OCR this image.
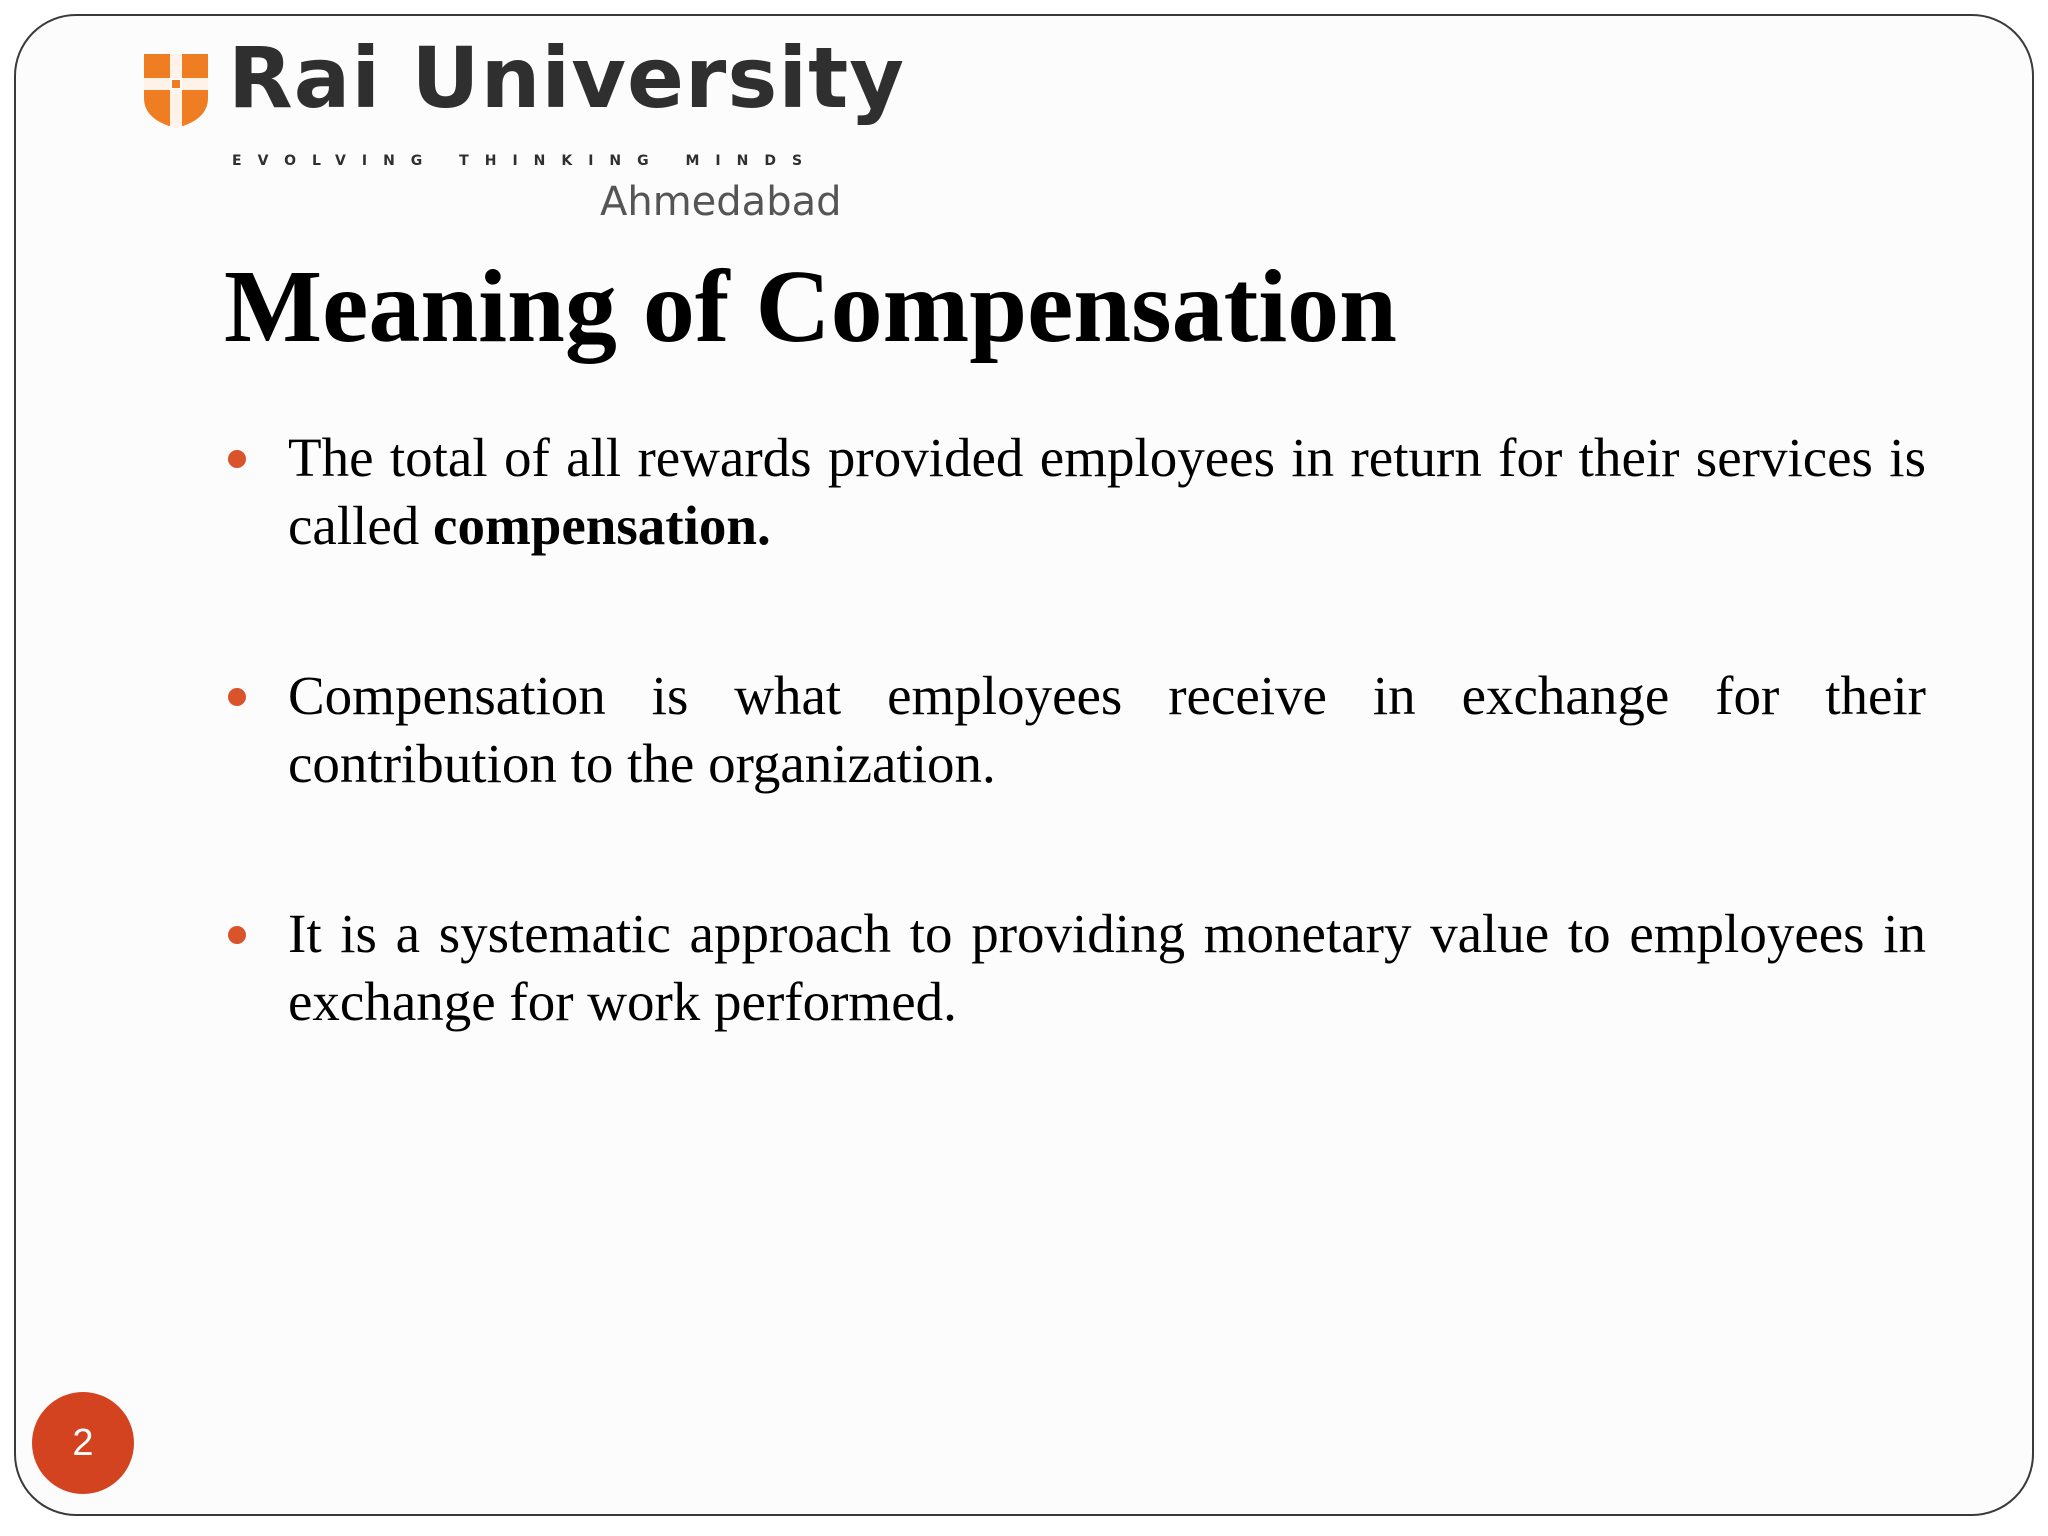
Rai University
EVOLVING THINKING MINDS
Ahmedabad
Meaning of Compensation
The total of all rewards provided employees in return for their services is called compensation.
Compensation is what employees receive in exchange for their contribution to the organization.
It is a systematic approach to providing monetary value to employees in exchange for work performed.
2
